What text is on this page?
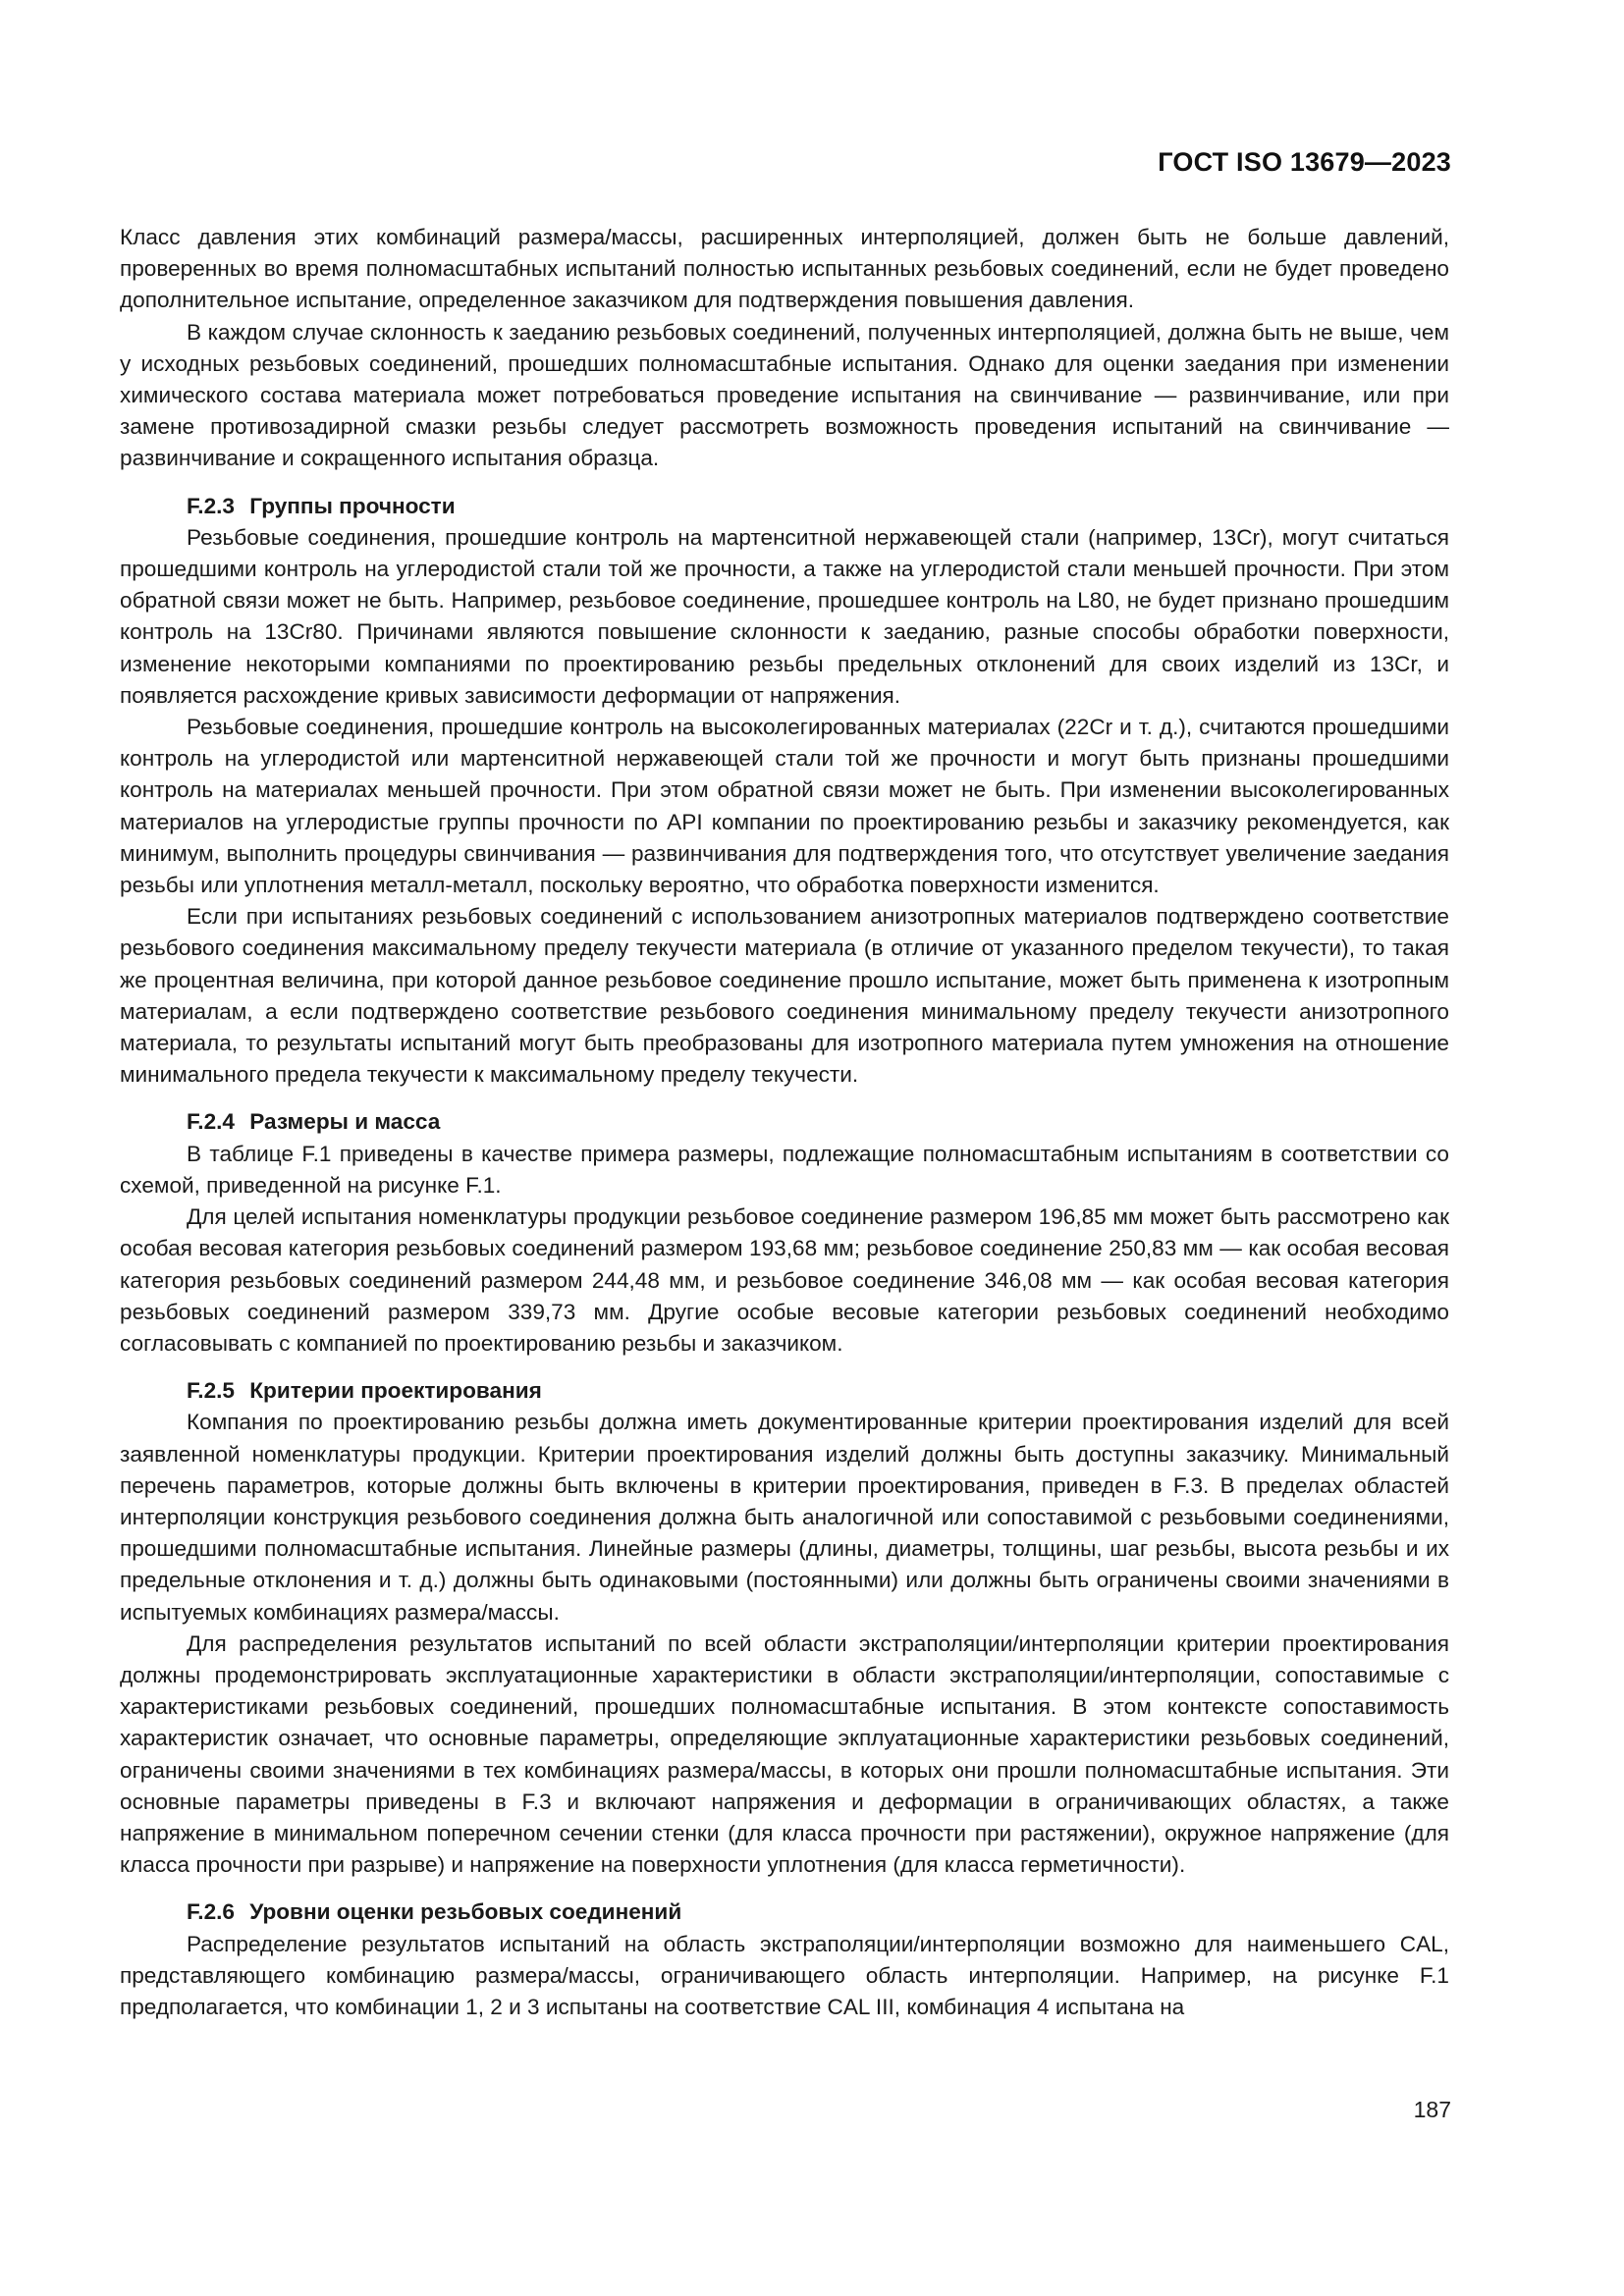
ГОСТ ISO 13679—2023

Класс давления этих комбинаций размера/массы, расширенных интерполяцией, должен быть не больше давлений, проверенных во время полномасштабных испытаний полностью испытанных резьбовых соединений, если не будет проведено дополнительное испытание, определенное заказчиком для подтверждения повышения давления.

В каждом случае склонность к заеданию резьбовых соединений, полученных интерполяцией, должна быть не выше, чем у исходных резьбовых соединений, прошедших полномасштабные испытания. Однако для оценки заедания при изменении химического состава материала может потребоваться проведение испытания на свинчивание — развинчивание, или при замене противозадирной смазки резьбы следует рассмотреть возможность проведения испытаний на свинчивание — развинчивание и сокращенного испытания образца.

F.2.3 Группы прочности

Резьбовые соединения, прошедшие контроль на мартенситной нержавеющей стали (например, 13Cr), могут считаться прошедшими контроль на углеродистой стали той же прочности, а также на углеродистой стали меньшей прочности. При этом обратной связи может не быть. Например, резьбовое соединение, прошедшее контроль на L80, не будет признано прошедшим контроль на 13Cr80. Причинами являются повышение склонности к заеданию, разные способы обработки поверхности, изменение некоторыми компаниями по проектированию резьбы предельных отклонений для своих изделий из 13Cr, и появляется расхождение кривых зависимости деформации от напряжения.

Резьбовые соединения, прошедшие контроль на высоколегированных материалах (22Cr и т. д.), считаются прошедшими контроль на углеродистой или мартенситной нержавеющей стали той же прочности и могут быть признаны прошедшими контроль на материалах меньшей прочности. При этом обратной связи может не быть. При изменении высоколегированных материалов на углеродистые группы прочности по API компании по проектированию резьбы и заказчику рекомендуется, как минимум, выполнить процедуры свинчивания — развинчивания для подтверждения того, что отсутствует увеличение заедания резьбы или уплотнения металл-металл, поскольку вероятно, что обработка поверхности изменится.

Если при испытаниях резьбовых соединений с использованием анизотропных материалов подтверждено соответствие резьбового соединения максимальному пределу текучести материала (в отличие от указанного пределом текучести), то такая же процентная величина, при которой данное резьбовое соединение прошло испытание, может быть применена к изотропным материалам, а если подтверждено соответствие резьбового соединения минимальному пределу текучести анизотропного материала, то результаты испытаний могут быть преобразованы для изотропного материала путем умножения на отношение минимального предела текучести к максимальному пределу текучести.

F.2.4 Размеры и масса

В таблице F.1 приведены в качестве примера размеры, подлежащие полномасштабным испытаниям в соответствии со схемой, приведенной на рисунке F.1.

Для целей испытания номенклатуры продукции резьбовое соединение размером 196,85 мм может быть рассмотрено как особая весовая категория резьбовых соединений размером 193,68 мм; резьбовое соединение 250,83 мм — как особая весовая категория резьбовых соединений размером 244,48 мм, и резьбовое соединение 346,08 мм — как особая весовая категория резьбовых соединений размером 339,73 мм. Другие особые весовые категории резьбовых соединений необходимо согласовывать с компанией по проектированию резьбы и заказчиком.

F.2.5 Критерии проектирования

Компания по проектированию резьбы должна иметь документированные критерии проектирования изделий для всей заявленной номенклатуры продукции. Критерии проектирования изделий должны быть доступны заказчику. Минимальный перечень параметров, которые должны быть включены в критерии проектирования, приведен в F.3. В пределах областей интерполяции конструкция резьбового соединения должна быть аналогичной или сопоставимой с резьбовыми соединениями, прошедшими полномасштабные испытания. Линейные размеры (длины, диаметры, толщины, шаг резьбы, высота резьбы и их предельные отклонения и т. д.) должны быть одинаковыми (постоянными) или должны быть ограничены своими значениями в испытуемых комбинациях размера/массы.

Для распределения результатов испытаний по всей области экстраполяции/интерполяции критерии проектирования должны продемонстрировать эксплуатационные характеристики в области экстраполяции/интерполяции, сопоставимые с характеристиками резьбовых соединений, прошедших полномасштабные испытания. В этом контексте сопоставимость характеристик означает, что основные параметры, определяющие экплуатационные характеристики резьбовых соединений, ограничены своими значениями в тех комбинациях размера/массы, в которых они прошли полномасштабные испытания. Эти основные параметры приведены в F.3 и включают напряжения и деформации в ограничивающих областях, а также напряжение в минимальном поперечном сечении стенки (для класса прочности при растяжении), окружное напряжение (для класса прочности при разрыве) и напряжение на поверхности уплотнения (для класса герметичности).

F.2.6 Уровни оценки резьбовых соединений

Распределение результатов испытаний на область экстраполяции/интерполяции возможно для наименьшего CAL, представляющего комбинацию размера/массы, ограничивающего область интерполяции. Например, на рисунке F.1 предполагается, что комбинации 1, 2 и 3 испытаны на соответствие CAL III, комбинация 4 испытана на

187
